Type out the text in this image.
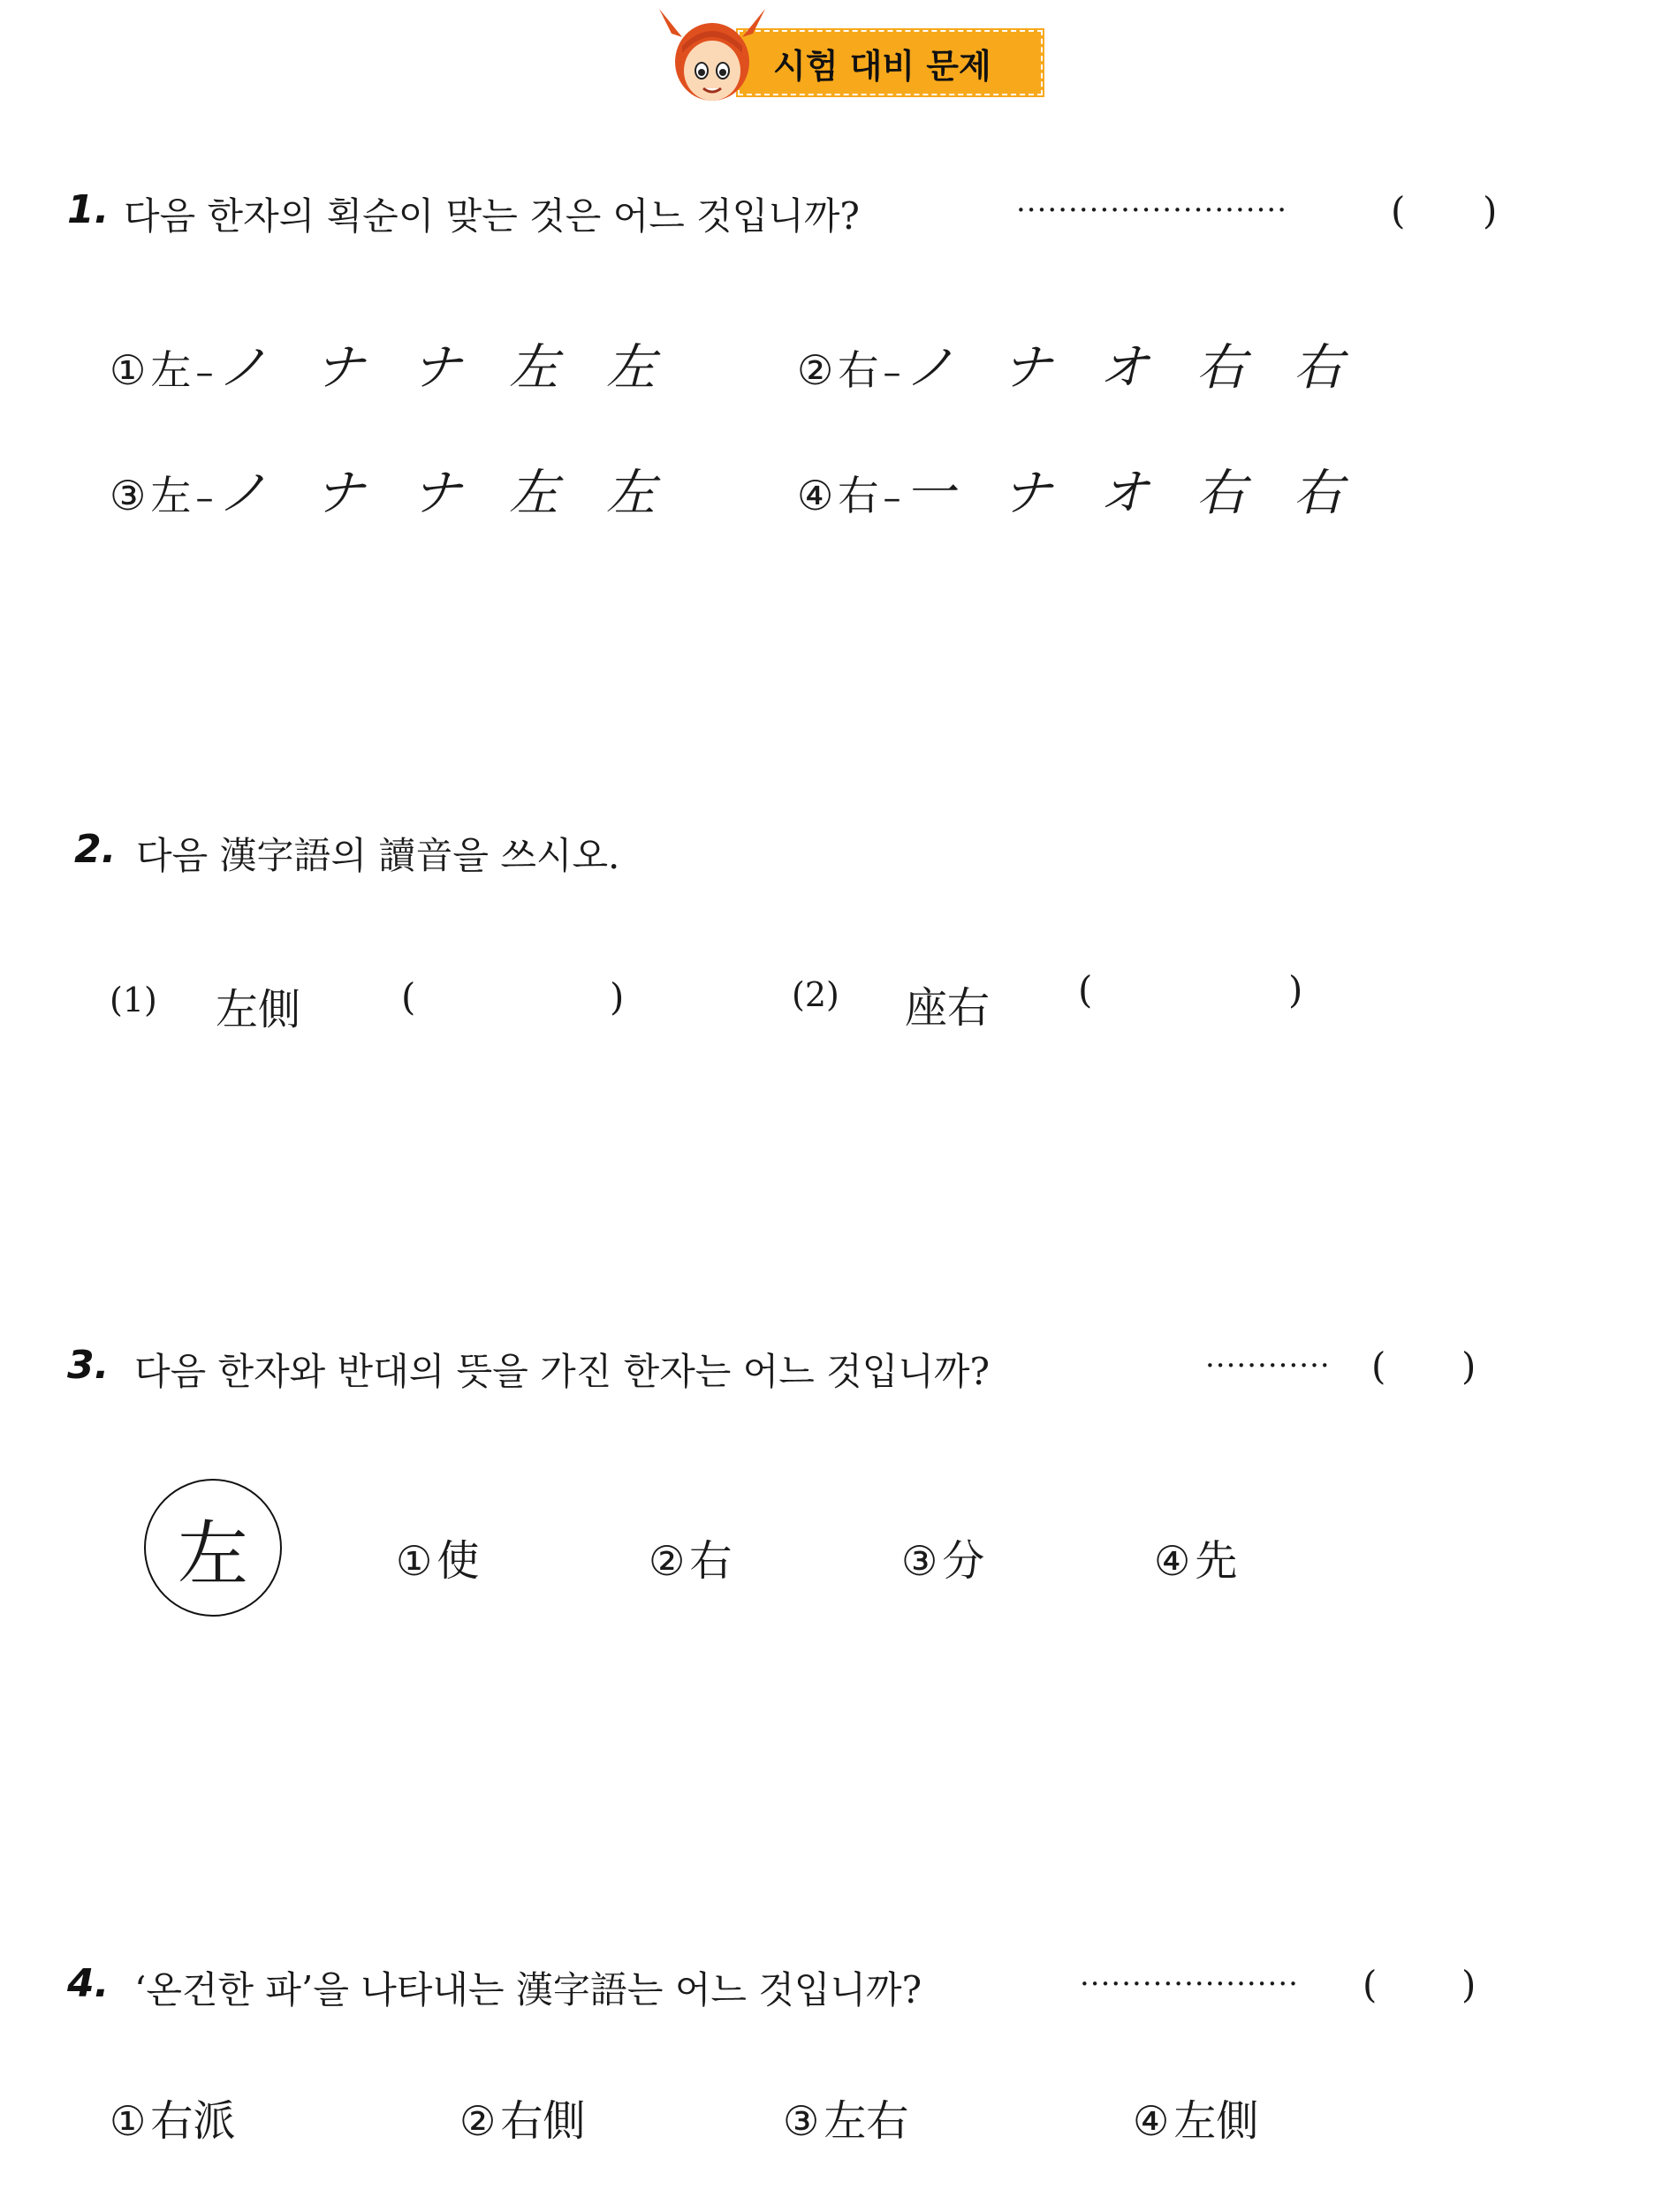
시험 대비 문제
1. 다음 한자의 획순이 맞는 것은 어느 것입니까?	··························	( )
① 左 – ノ ナ ナ 左 左	② 右 – ノ ナ オ 右 右
③ 左 – ノ ナ ナ 左 左	④ 右 – 一 ナ オ 右 右
2. 다음 漢字語의 讀音을 쓰시오.
(1) 左側	(	)	(2) 座右 (	)
3. 다음 한자와 반대의 뜻을 가진 한자는 어느 것입니까?	············ ( )
左	① 使	② 右	③ 分	④ 先
4. ‘온건한 파’을 나타내는 漢字語는 어느 것입니까?	····················· ( )
① 右派	② 右側	③ 左右	④ 左側
